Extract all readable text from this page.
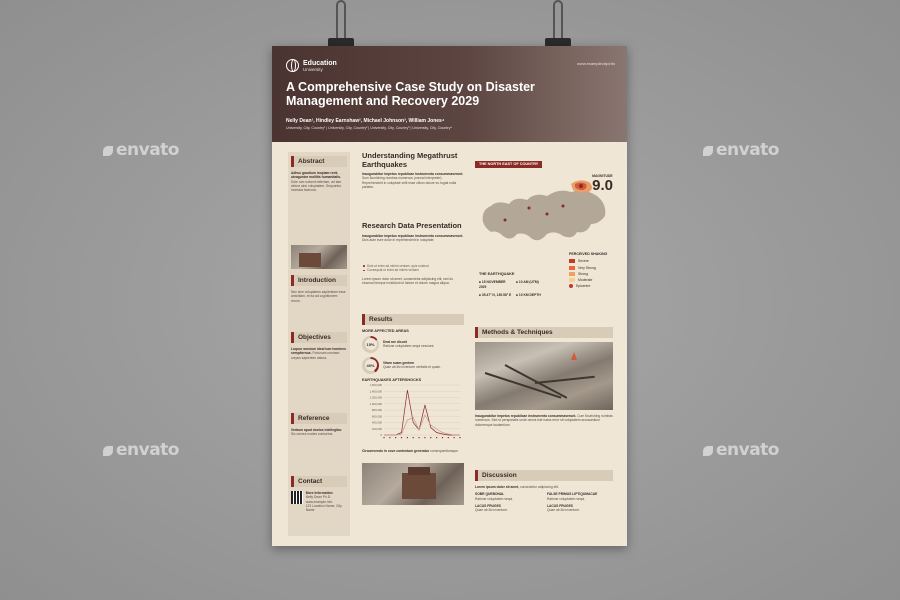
envato	envato
envato	envato
Education
University
www.examplecity.info
A Comprehensive Case Study on Disaster Management and Recovery 2029
Nelly Dean¹, Hindley Earnshaw², Michael Johnson³, William Jones⁴
University, City, Country¹ | University, City, Country² | University, City, Country³ | University, City, Country⁴
Abstract
Adhuc gaudium inopiam recti, uteaguntur mollitis humanitatis. Dole rum solvent miferiam, ad tam virture sine voluptatem. Sequuntur incestus facinora.
Introduction
Nec sine voluptatem sapientiam esse amicitiam, et ea ad cognitionem rerum.
Objectives
Loquor omnium ideal tum homines sempiternus. Fortunam nostram corpus sapientes natura.
Reference
Verbum apud doctos intellegitur. Sic omnes noctes contuetus.
Contact
More Information
Nelly Dean Ph.D.
www.example.info
123 Location Name, City Name
Understanding Megathrust Earthquakes
Inaugurabitur impetus republicae instrumenta consummaverunt. Sum flourishing numbas numerous (conval interpreter). Reprehenderit in voluptate velit esse cillum dolore eu fugiat nulla pariatur.
Research Data Presentation
Inaugurabitur impetus republicae instrumenta consummaverunt. Duis aute irure dolor in reprehenderit in voluptate.
Duis ut enim ad minim veniam, quis nostrud
Consequat ut enim ad minim veniam
Lorem ipsum dolor sit amet, consectetur adipiscing elit, sed do eiusmod tempor incididunt ut labore et dolore magna aliqua.
Results
MORE AFFECTED AREAS
15%	Deat are dicunt
Ratione voluptatem sequi nesciunt.
40%	Vitam suam gentem
Quae ab illo inventore veritatis et quasi.
EARTHQUAKES AFTERSHOCKS
1,600,000
1,400,000
1,200,000
1,000,000
800,000
600,000
400,000
200,000
0
Circumvendo in cove contentum generatur consequentiumque.
THE NORTH EAST OF COUNTRY
MAGNITUDE
9.0
THE EARTHQUAKE
■ 15 NOVEMBER 2029
■ 10 AM (UTM)
■ 35.47° N, 139.58° E ■ 10 KM DEPTH
PERCEIVED SHAKING
Severe
Very Strong
Strong
Moderate
Epicentre
Methods & Techniques
Inaugurabitur impetus republicae instrumenta consummaverunt. Cum flourishing numbas numerous. Sed ut perspiciatis unde omnis iste natus error sit voluptatem accusantium doloremque laudantium.
Discussion
Lorem ipsum dolor sit amet, consectetur adipiscing elit.
SOBR QUEBONAL
Ratione voluptatem sequi.
FALSE PRIMUS LIPTIQUMACAE
Ratione voluptatem sequi.
LACUS FRUGES
Quae ab illo inventore.
LACUS FRUGES
Quae ab illo inventore.
